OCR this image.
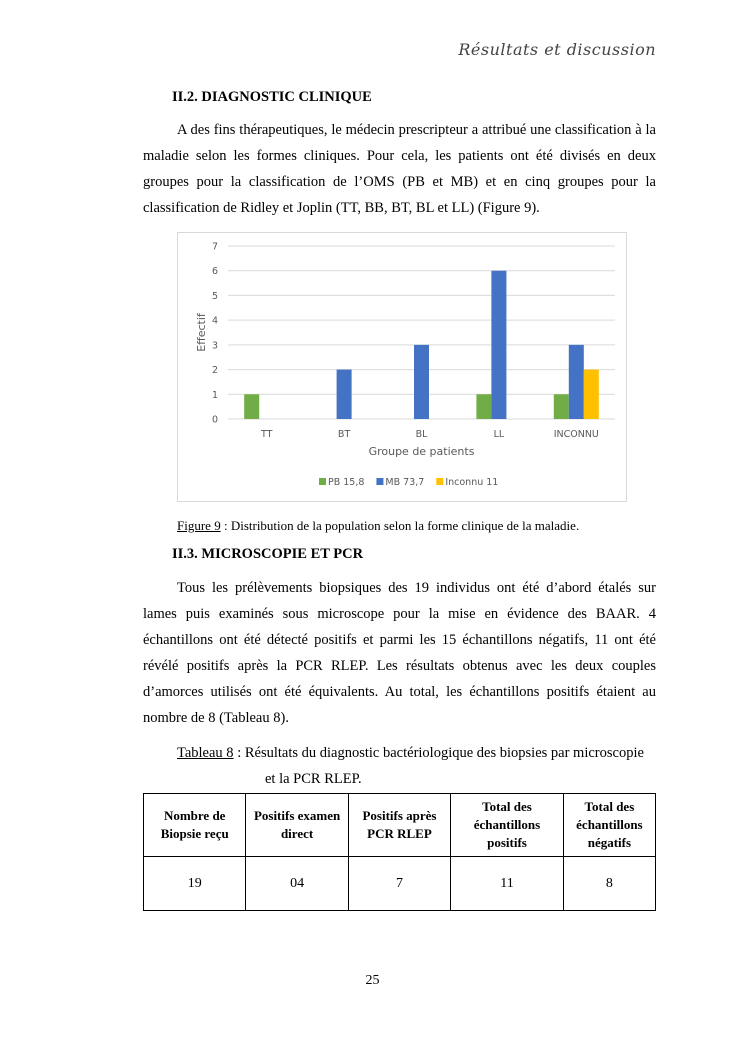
Résultats et discussion
II.2. DIAGNOSTIC CLINIQUE

A des fins thérapeutiques, le médecin prescripteur a attribué une classification à la maladie selon les formes cliniques. Pour cela, les patients ont été divisés en deux groupes pour la classification de l’OMS (PB et MB) et en cinq groupes pour la classification de Ridley et Joplin (TT, BB, BT, BL et LL) (Figure 9).

0
1
2
3
4
5
6
7
TT	BT	BL	LL	INCONNU
Groupe de patients
Effectif
PB 15,8 MB 73,7 Inconnu 11
Figure 9 : Distribution de la population selon la forme clinique de la maladie.
II.3. MICROSCOPIE ET PCR

Tous les prélèvements biopsiques des 19 individus ont été d’abord étalés sur lames puis examinés sous microscope pour la mise en évidence des BAAR. 4 échantillons ont été détecté positifs et parmi les 15 échantillons négatifs, 11 ont été révélé positifs après la PCR RLEP. Les résultats obtenus avec les deux couples d’amorces utilisés ont été équivalents. Au total, les échantillons positifs étaient au nombre de 8 (Tableau 8).

Tableau 8 : Résultats du diagnostic bactériologique des biopsies par microscopie
et la PCR RLEP.
Nombre de Biopsie reçu	Positifs examen direct	Positifs après PCR RLEP	Total des échantillons positifs	Total des échantillons négatifs
19	04	7	11	8
25
